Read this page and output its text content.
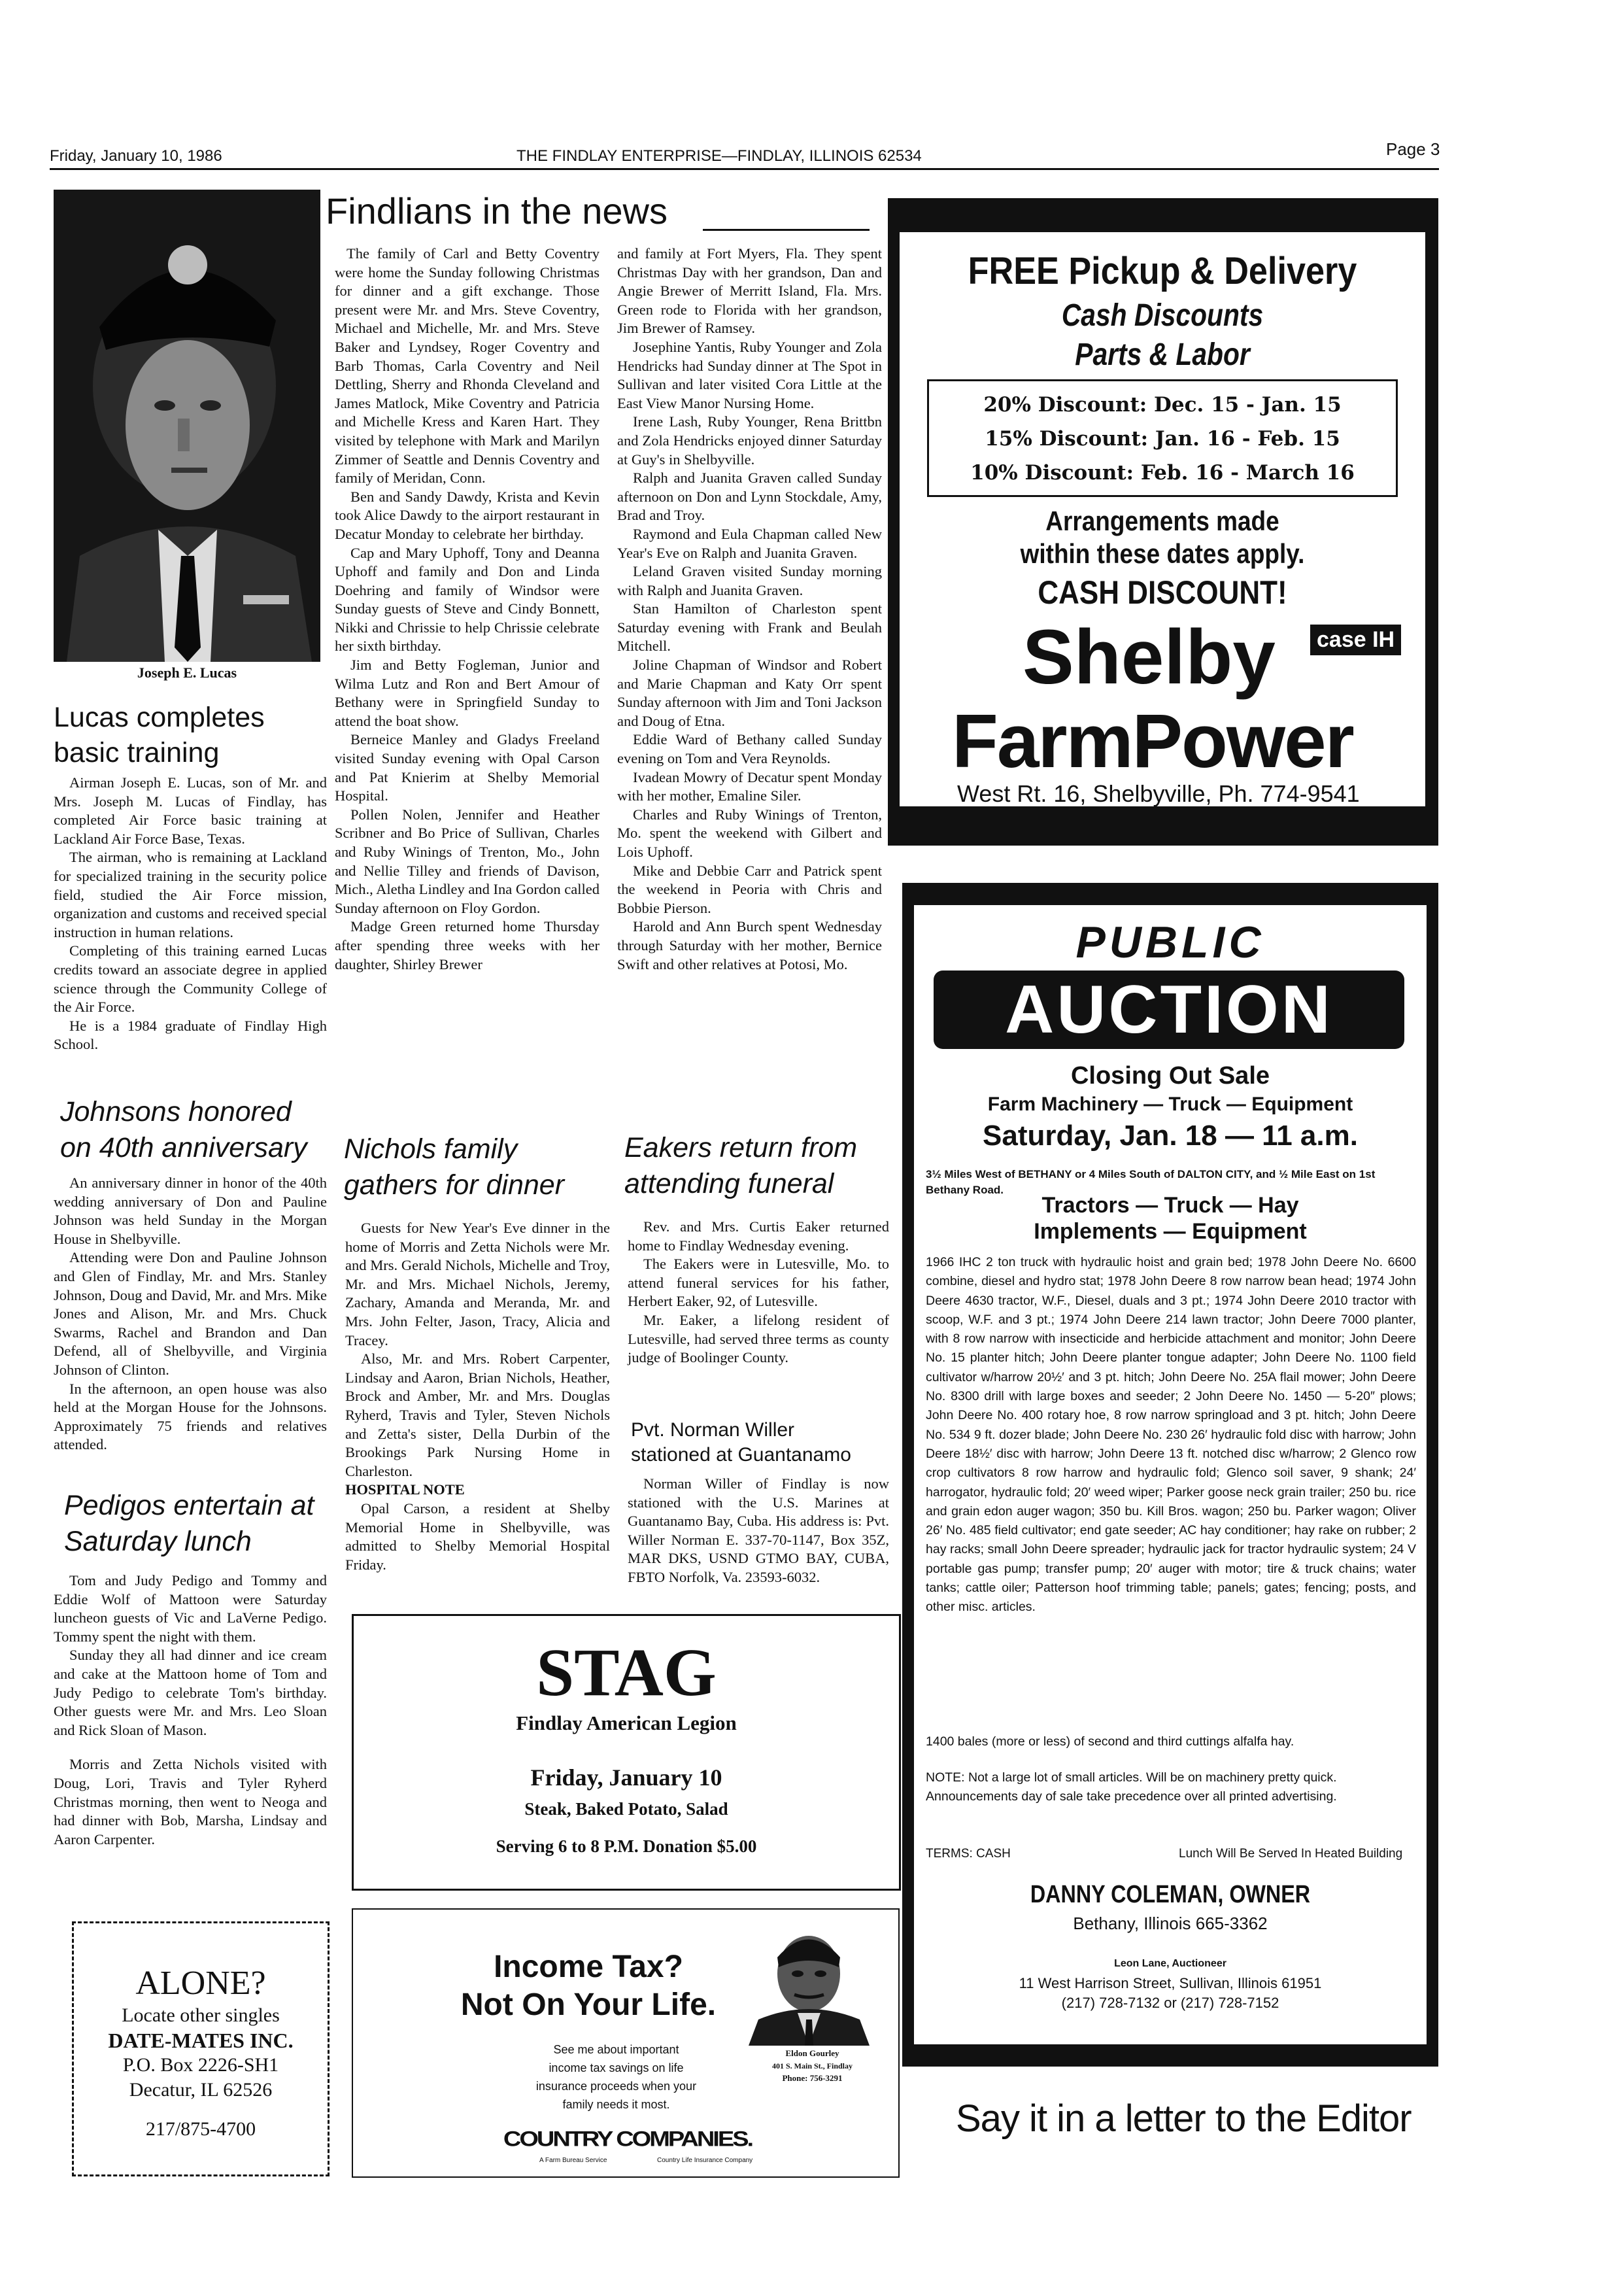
Friday, January 10, 1986	THE FINDLAY ENTERPRISE—FINDLAY, ILLINOIS 62534	Page 3
Joseph E. Lucas
Lucas completes basic training

Airman Joseph E. Lucas, son of Mr. and Mrs. Joseph M. Lucas of Findlay, has completed Air Force basic training at Lackland Air Force Base, Texas.

The airman, who is remaining at Lackland for specialized training in the security police field, studied the Air Force mission, organization and customs and received special instruction in human relations.

Completing of this training earned Lucas credits toward an associate degree in applied science through the Community College of the Air Force.

He is a 1984 graduate of Findlay High School.

Johnsons honored on 40th anniversary

An anniversary dinner in honor of the 40th wedding anniversary of Don and Pauline Johnson was held Sunday in the Morgan House in Shelbyville.

Attending were Don and Pauline Johnson and Glen of Findlay, Mr. and Mrs. Stanley Johnson, Doug and David, Mr. and Mrs. Mike Jones and Alison, Mr. and Mrs. Chuck Swarms, Rachel and Brandon and Dan Defend, all of Shelbyville, and Virginia Johnson of Clinton.

In the afternoon, an open house was also held at the Morgan House for the Johnsons. Approximately 75 friends and relatives attended.

Pedigos entertain at Saturday lunch

Tom and Judy Pedigo and Tommy and Eddie Wolf of Mattoon were Saturday luncheon guests of Vic and LaVerne Pedigo. Tommy spent the night with them.

Sunday they all had dinner and ice cream and cake at the Mattoon home of Tom and Judy Pedigo to celebrate Tom's birthday. Other guests were Mr. and Mrs. Leo Sloan and Rick Sloan of Mason.

Morris and Zetta Nichols visited with Doug, Lori, Travis and Tyler Ryherd Christmas morning, then went to Neoga and had dinner with Bob, Marsha, Lindsay and Aaron Carpenter.

ALONE?
Locate other singles
DATE-MATES INC.
P.O. Box 2226-SH1
Decatur, IL 62526
217/875-4700
Findlians in the news

The family of Carl and Betty Coventry were home the Sunday following Christmas for dinner and a gift exchange. Those present were Mr. and Mrs. Steve Coventry, Michael and Michelle, Mr. and Mrs. Steve Baker and Lyndsey, Roger Coventry and Barb Thomas, Carla Coventry and Neil Dettling, Sherry and Rhonda Cleveland and James Matlock, Mike Coventry and Patricia and Michelle Kress and Karen Hart. They visited by telephone with Mark and Marilyn Zimmer of Seattle and Dennis Coventry and family of Meridan, Conn.

Ben and Sandy Dawdy, Krista and Kevin took Alice Dawdy to the airport restaurant in Decatur Monday to celebrate her birthday.

Cap and Mary Uphoff, Tony and Deanna Uphoff and family and Don and Linda Doehring and family of Windsor were Sunday guests of Steve and Cindy Bonnett, Nikki and Chrissie to help Chrissie celebrate her sixth birthday.

Jim and Betty Fogleman, Junior and Wilma Lutz and Ron and Bert Amour of Bethany were in Springfield Sunday to attend the boat show.

Berneice Manley and Gladys Freeland visited Sunday evening with Opal Carson and Pat Knierim at Shelby Memorial Hospital.

Pollen Nolen, Jennifer and Heather Scribner and Bo Price of Sullivan, Charles and Ruby Winings of Trenton, Mo., John and Nellie Tilley and friends of Davison, Mich., Aletha Lindley and Ina Gordon called Sunday afternoon on Floy Gordon.

Madge Green returned home Thursday after spending three weeks with her daughter, Shirley Brewer

and family at Fort Myers, Fla. They spent Christmas Day with her grandson, Dan and Angie Brewer of Merritt Island, Fla. Mrs. Green rode to Florida with her grandson, Jim Brewer of Ramsey.

Josephine Yantis, Ruby Younger and Zola Hendricks had Sunday dinner at The Spot in Sullivan and later visited Cora Little at the East View Manor Nursing Home.

Irene Lash, Ruby Younger, Rena Brittbn and Zola Hendricks enjoyed dinner Saturday at Guy's in Shelbyville.

Ralph and Juanita Graven called Sunday afternoon on Don and Lynn Stockdale, Amy, Brad and Troy.

Raymond and Eula Chapman called New Year's Eve on Ralph and Juanita Graven.

Leland Graven visited Sunday morning with Ralph and Juanita Graven.

Stan Hamilton of Charleston spent Saturday evening with Frank and Beulah Mitchell.

Joline Chapman of Windsor and Robert and Marie Chapman and Katy Orr spent Sunday afternoon with Jim and Toni Jackson and Doug of Etna.

Eddie Ward of Bethany called Sunday evening on Tom and Vera Reynolds.

Ivadean Mowry of Decatur spent Monday with her mother, Emaline Siler.

Charles and Ruby Winings of Trenton, Mo. spent the weekend with Gilbert and Lois Uphoff.

Mike and Debbie Carr and Patrick spent the weekend in Peoria with Chris and Bobbie Pierson.

Harold and Ann Burch spent Wednesday through Saturday with her mother, Bernice Swift and other relatives at Potosi, Mo.

Nichols family gathers for dinner

Guests for New Year's Eve dinner in the home of Morris and Zetta Nichols were Mr. and Mrs. Gerald Nichols, Michelle and Troy, Mr. and Mrs. Michael Nichols, Jeremy, Zachary, Amanda and Meranda, Mr. and Mrs. John Felter, Jason, Tracy, Alicia and Tracey.

Also, Mr. and Mrs. Robert Carpenter, Lindsay and Aaron, Brian Nichols, Heather, Brock and Amber, Mr. and Mrs. Douglas Ryherd, Travis and Tyler, Steven Nichols and Zetta's sister, Della Durbin of the Brookings Park Nursing Home in Charleston.

HOSPITAL NOTE

Opal Carson, a resident at Shelby Memorial Home in Shelbyville, was admitted to Shelby Memorial Hospital Friday.

Eakers return from attending funeral

Rev. and Mrs. Curtis Eaker returned home to Findlay Wednesday evening.

The Eakers were in Lutesville, Mo. to attend funeral services for his father, Herbert Eaker, 92, of Lutesville.

Mr. Eaker, a lifelong resident of Lutesville, had served three terms as county judge of Boolinger County.

Pvt. Norman Willer stationed at Guantanamo

Norman Willer of Findlay is now stationed with the U.S. Marines at Guantanamo Bay, Cuba. His address is: Pvt. Willer Norman E. 337-70-1147, Box 35Z, MAR DKS, USND GTMO BAY, CUBA, FBTO Norfolk, Va. 23593-6032.

STAG
Findlay American Legion
Friday, January 10
Steak, Baked Potato, Salad
Serving 6 to 8 P.M. Donation $5.00
Income Tax?
Not On Your Life.
See me about important income tax savings on life insurance proceeds when your family needs it most.
Eldon Gourley
401 S. Main St., Findlay
Phone: 756-3291
COUNTRY COMPANIES.
A Farm Bureau Service	Country Life Insurance Company
FREE Pickup & Delivery
Cash Discounts
Parts & Labor
20% Discount: Dec. 15 - Jan. 15
15% Discount: Jan. 16 - Feb. 15
10% Discount: Feb. 16 - March 16
Arrangements made
within these dates apply.
CASH DISCOUNT!
Shelby case IH
FarmPower
West Rt. 16, Shelbyville, Ph. 774-9541
PUBLIC
AUCTION
Closing Out Sale
Farm Machinery — Truck — Equipment
Saturday, Jan. 18 — 11 a.m.
3½ Miles West of BETHANY or 4 Miles South of DALTON CITY, and ½ Mile East on 1st Bethany Road.
Tractors — Truck — Hay
Implements — Equipment
1966 IHC 2 ton truck with hydraulic hoist and grain bed; 1978 John Deere No. 6600 combine, diesel and hydro stat; 1978 John Deere 8 row narrow bean head; 1974 John Deere 4630 tractor, W.F., Diesel, duals and 3 pt.; 1974 John Deere 2010 tractor with scoop, W.F. and 3 pt.; 1974 John Deere 214 lawn tractor; John Deere 7000 planter, with 8 row narrow with insecticide and herbicide attachment and monitor; John Deere No. 15 planter hitch; John Deere planter tongue adapter; John Deere No. 1100 field cultivator w/harrow 20½′ and 3 pt. hitch; John Deere No. 25A flail mower; John Deere No. 8300 drill with large boxes and seeder; 2 John Deere No. 1450 — 5-20″ plows; John Deere No. 400 rotary hoe, 8 row narrow springload and 3 pt. hitch; John Deere No. 534 9 ft. dozer blade; John Deere No. 230 26′ hydraulic fold disc with harrow; John Deere 18½′ disc with harrow; John Deere 13 ft. notched disc w/harrow; 2 Glenco row crop cultivators 8 row harrow and hydraulic fold; Glenco soil saver, 9 shank; 24′ harrogator, hydraulic fold; 20′ weed wiper; Parker goose neck grain trailer; 250 bu. rice and grain edon auger wagon; 350 bu. Kill Bros. wagon; 250 bu. Parker wagon; Oliver 26′ No. 485 field cultivator; end gate seeder; AC hay conditioner; hay rake on rubber; 2 hay racks; small John Deere spreader; hydraulic jack for tractor hydraulic system; 24 V portable gas pump; transfer pump; 20′ auger with motor; tire & truck chains; water tanks; cattle oiler; Patterson hoof trimming table; panels; gates; fencing; posts, and other misc. articles.
1400 bales (more or less) of second and third cuttings alfalfa hay.
NOTE: Not a large lot of small articles. Will be on machinery pretty quick. Announcements day of sale take precedence over all printed advertising.
TERMS: CASH	Lunch Will Be Served In Heated Building
DANNY COLEMAN, OWNER
Bethany, Illinois 665-3362
Leon Lane, Auctioneer
11 West Harrison Street, Sullivan, Illinois 61951
(217) 728-7132 or (217) 728-7152
Say it in a letter to the Editor
